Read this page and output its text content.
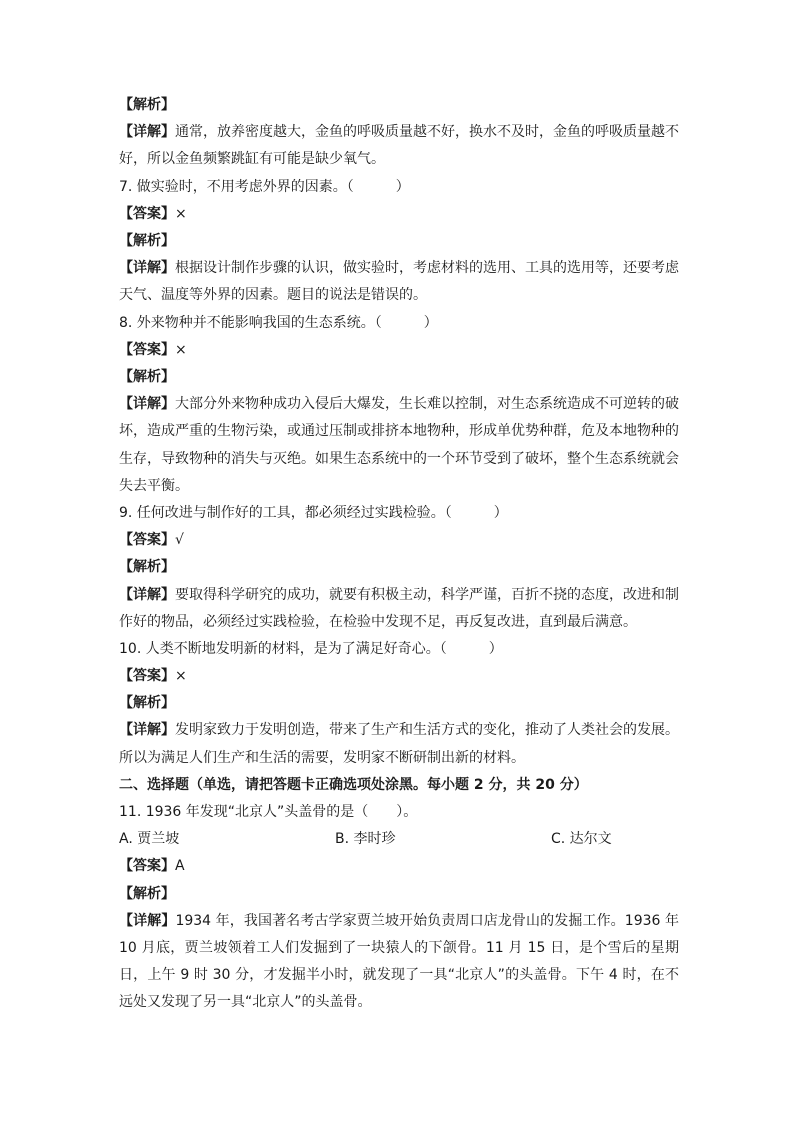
【解析】
【详解】通常，放养密度越大，金鱼的呼吸质量越不好，换水不及时，金鱼的呼吸质量越不好，所以金鱼频繁跳缸有可能是缺少氧气。
7. 做实验时，不用考虑外界的因素。（　　　）
【答案】×
【解析】
【详解】根据设计制作步骤的认识，做实验时，考虑材料的选用、工具的选用等，还要考虑天气、温度等外界的因素。题目的说法是错误的。
8. 外来物种并不能影响我国的生态系统。（　　　）
【答案】×
【解析】
【详解】大部分外来物种成功入侵后大爆发，生长难以控制，对生态系统造成不可逆转的破坏，造成严重的生物污染，或通过压制或排挤本地物种，形成单优势种群，危及本地物种的生存，导致物种的消失与灭绝。如果生态系统中的一个环节受到了破坏，整个生态系统就会失去平衡。
9. 任何改进与制作好的工具，都必须经过实践检验。（　　　）
【答案】√
【解析】
【详解】要取得科学研究的成功，就要有积极主动，科学严谨，百折不挠的态度，改进和制作好的物品，必须经过实践检验，在检验中发现不足，再反复改进，直到最后满意。
10. 人类不断地发明新的材料，是为了满足好奇心。（　　　）
【答案】×
【解析】
【详解】发明家致力于发明创造，带来了生产和生活方式的变化，推动了人类社会的发展。所以为满足人们生产和生活的需要，发明家不断研制出新的材料。
二、选择题（单选，请把答题卡正确选项处涂黑。每小题 2 分，共 20 分）
11. 1936 年发现“北京人”头盖骨的是（　　）。
A. 贾兰坡	B. 李时珍	C. 达尔文
【答案】A
【解析】
【详解】1934 年，我国著名考古学家贾兰坡开始负责周口店龙骨山的发掘工作。1936 年 10 月底，贾兰坡领着工人们发掘到了一块猿人的下颌骨。11 月 15 日，是个雪后的星期日，上午 9 时 30 分，才发掘半小时，就发现了一具“北京人”的头盖骨。下午 4 时，在不远处又发现了另一具“北京人”的头盖骨。
